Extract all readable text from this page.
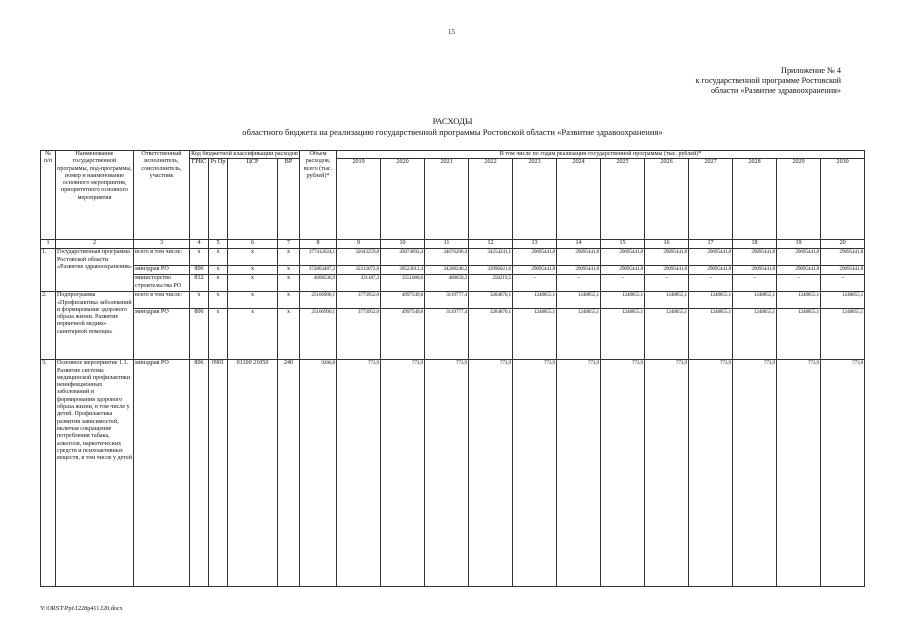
15
Приложение № 4
к государственной программе Ростовской
области «Развитие здравоохранения»
РАСХОДЫ
областного бюджета на реализацию государственной программы Ростовской области «Развитие здравоохранения»
№ п/п	Наименование государственной программы, под-программы, номер и наименование основного мероприятия, приоритетного основного мероприятия	Ответственный исполнитель, соисполнитель, участник	Код бюджетной классификации расходов				Объем расходов, всего (тыс. рублей)*	В том числе по годам реализации государственной программы (тыс. рублей)*											
			ГРБС	Рз Пр	ЦСР	ВР		2019	2020	2021	2022	2023	2024	2025	2026	2027	2028	2029	2030
1	2	3	4	5	6	7	8	9	10	11	12	13	14	15	16	17	18	19	20
1.	Государственная программа Ростовской области «Развитие здравоохранения»	всего в том числе:	х	х	х	х	377412024,1	32643259,8	43074692,4	34676296,4	34254241,1	29095441,8	29095441,8	29095441,8	29095441,8	29095441,8	29095441,8	29095441,8	29095441,8
		минздрав РО	806	х	х	х	372803487,2	32312072,6	39523612,4	34208246,2	33996021,6	29095441,8	29095441,8	29095441,8	29095441,8	29095441,8	29095441,8	29095441,8	29095441,8
		министерство строительства РО	812	х	х	х	4608536,9	331187,2	3551080,0	468050,2	258219,5	–	–	–	–	–	–	–	–
2.	Подпрограмма «Профилактика заболеваний и формирование здорового образа жизни. Развитие первичной медико-санитарной помощи»	всего в том числе:	х	х	х	х	25166990,1	3773952,0	4997549,8	3119777,4	3284870,1	1248855,1	1248855,1	1248855,1	1248855,1	1248855,1	1248855,1	1248855,1	1248855,1
		минздрав РО	806	х	х	х	25166990,1	3773952,0	4997549,8	3119777,4	3284870,1	1248855,1	1248855,1	1248855,1	1248855,1	1248855,1	1248855,1	1248855,1	1248855,1
3.	Основное мероприятие 1.1. Развитие системы медицинской профилактики неинфекционных заболеваний и формирования здорового образа жизни, в том числе у детей. Профилактика развития зависимостей, включая сокращение потребления табака, алкоголя, наркотических средств и психоактивных веществ, в том числе у детей	минздрав РО	806	0901	01100 21050	240	9286,8	773,9	773,9	773,9	773,9	773,9	773,9	773,9	773,9	773,9	773,9	773,9	773,9
Y:\ORST\Ppi\1228p411.f20.docx
